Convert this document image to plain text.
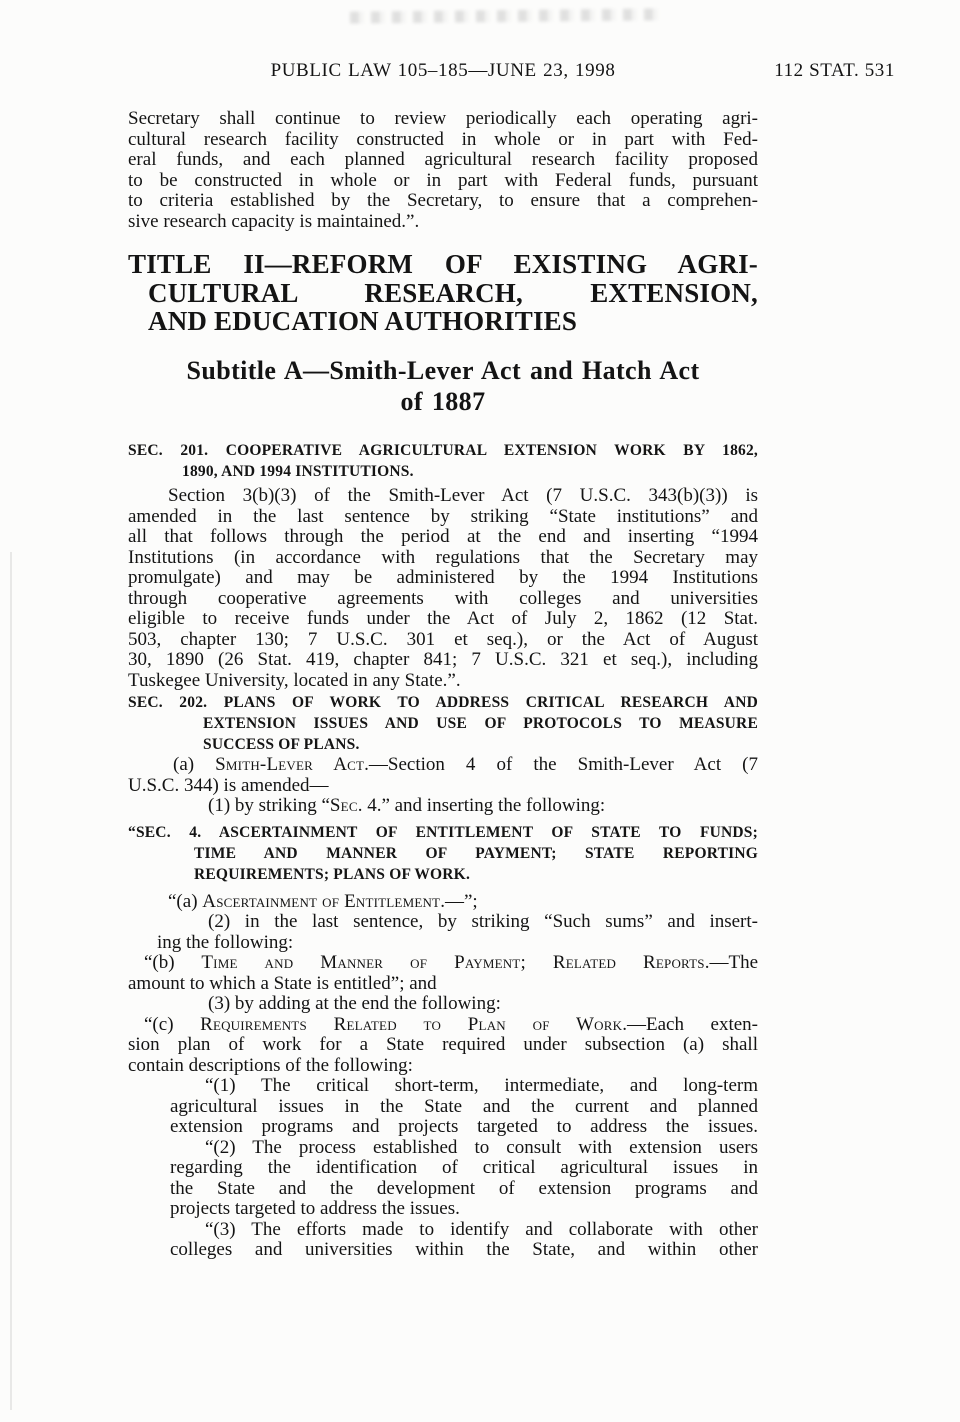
PUBLIC LAW 105–185—JUNE 23, 1998	112 STAT. 531
Secretary shall continue to review periodically each operating agri-
cultural research facility constructed in whole or in part with Fed-
eral funds, and each planned agricultural research facility proposed
to be constructed in whole or in part with Federal funds, pursuant
to criteria established by the Secretary, to ensure that a comprehen-
sive research capacity is maintained.”.
TITLE II—REFORM OF EXISTING AGRI-
CULTURAL RESEARCH, EXTENSION,
AND EDUCATION AUTHORITIES
Subtitle A—Smith-Lever Act and Hatch Act
of 1887
SEC. 201. COOPERATIVE AGRICULTURAL EXTENSION WORK BY 1862,
1890, AND 1994 INSTITUTIONS.
Section 3(b)(3) of the Smith-Lever Act (7 U.S.C. 343(b)(3)) is
amended in the last sentence by striking “State institutions” and
all that follows through the period at the end and inserting “1994
Institutions (in accordance with regulations that the Secretary may
promulgate) and may be administered by the 1994 Institutions
through cooperative agreements with colleges and universities
eligible to receive funds under the Act of July 2, 1862 (12 Stat.
503, chapter 130; 7 U.S.C. 301 et seq.), or the Act of August
30, 1890 (26 Stat. 419, chapter 841; 7 U.S.C. 321 et seq.), including
Tuskegee University, located in any State.”.
SEC. 202. PLANS OF WORK TO ADDRESS CRITICAL RESEARCH AND
EXTENSION ISSUES AND USE OF PROTOCOLS TO MEASURE
SUCCESS OF PLANS.
(a) Smith-Lever Act.—Section 4 of the Smith-Lever Act (7
U.S.C. 344) is amended—
(1) by striking “Sec. 4.” and inserting the following:
“SEC. 4. ASCERTAINMENT OF ENTITLEMENT OF STATE TO FUNDS;
TIME AND MANNER OF PAYMENT; STATE REPORTING
REQUIREMENTS; PLANS OF WORK.
“(a) Ascertainment of Entitlement.—”;
(2) in the last sentence, by striking “Such sums” and insert-
ing the following:
“(b) Time and Manner of Payment; Related Reports.—The
amount to which a State is entitled”; and
(3) by adding at the end the following:
“(c) Requirements Related to Plan of Work.—Each exten-
sion plan of work for a State required under subsection (a) shall
contain descriptions of the following:
“(1) The critical short-term, intermediate, and long-term
agricultural issues in the State and the current and planned
extension programs and projects targeted to address the issues.
“(2) The process established to consult with extension users
regarding the identification of critical agricultural issues in
the State and the development of extension programs and
projects targeted to address the issues.
“(3) The efforts made to identify and collaborate with other
colleges and universities within the State, and within other
